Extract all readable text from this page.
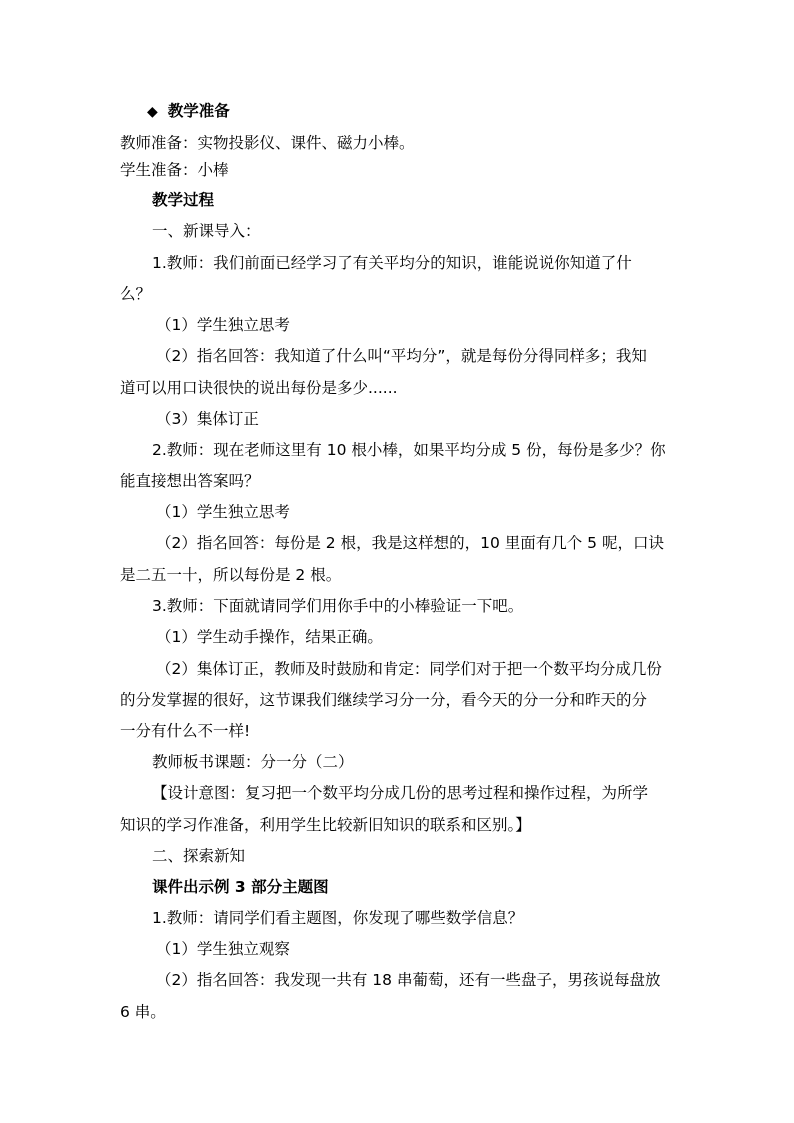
◆ 教学准备
教师准备：实物投影仪、课件、磁力小棒。
学生准备：小棒
教学过程
一、新课导入：
1.教师：我们前面已经学习了有关平均分的知识，谁能说说你知道了什
么？
（1）学生独立思考
（2）指名回答：我知道了什么叫“平均分”，就是每份分得同样多；我知
道可以用口诀很快的说出每份是多少......
（3）集体订正
2.教师：现在老师这里有 10 根小棒，如果平均分成 5 份，每份是多少？你
能直接想出答案吗？
（1）学生独立思考
（2）指名回答：每份是 2 根，我是这样想的，10 里面有几个 5 呢，口诀
是二五一十，所以每份是 2 根。
3.教师：下面就请同学们用你手中的小棒验证一下吧。
（1）学生动手操作，结果正确。
（2）集体订正，教师及时鼓励和肯定：同学们对于把一个数平均分成几份
的分发掌握的很好，这节课我们继续学习分一分，看今天的分一分和昨天的分
一分有什么不一样!
教师板书课题：分一分（二）
【设计意图：复习把一个数平均分成几份的思考过程和操作过程，为所学
知识的学习作准备，利用学生比较新旧知识的联系和区别。】
二、探索新知
课件出示例 3 部分主题图
1.教师：请同学们看主题图，你发现了哪些数学信息？
（1）学生独立观察
（2）指名回答：我发现一共有 18 串葡萄，还有一些盘子，男孩说每盘放
6 串。
